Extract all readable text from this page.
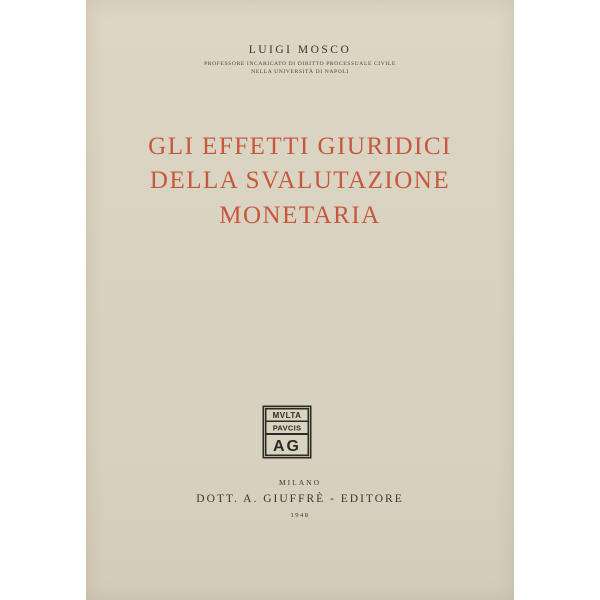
LUIGI MOSCO
PROFESSORE INCARICATO DI DIRITTO PROCESSUALE CIVILE
NELLA UNIVERSITÀ DI NAPOLI
GLI EFFETTI GIURIDICI
DELLA SVALUTAZIONE
MONETARIA
MVLTA
PAVCIS
AG
MILANO
DOTT. A. GIUFFRÈ - EDITORE
1948
